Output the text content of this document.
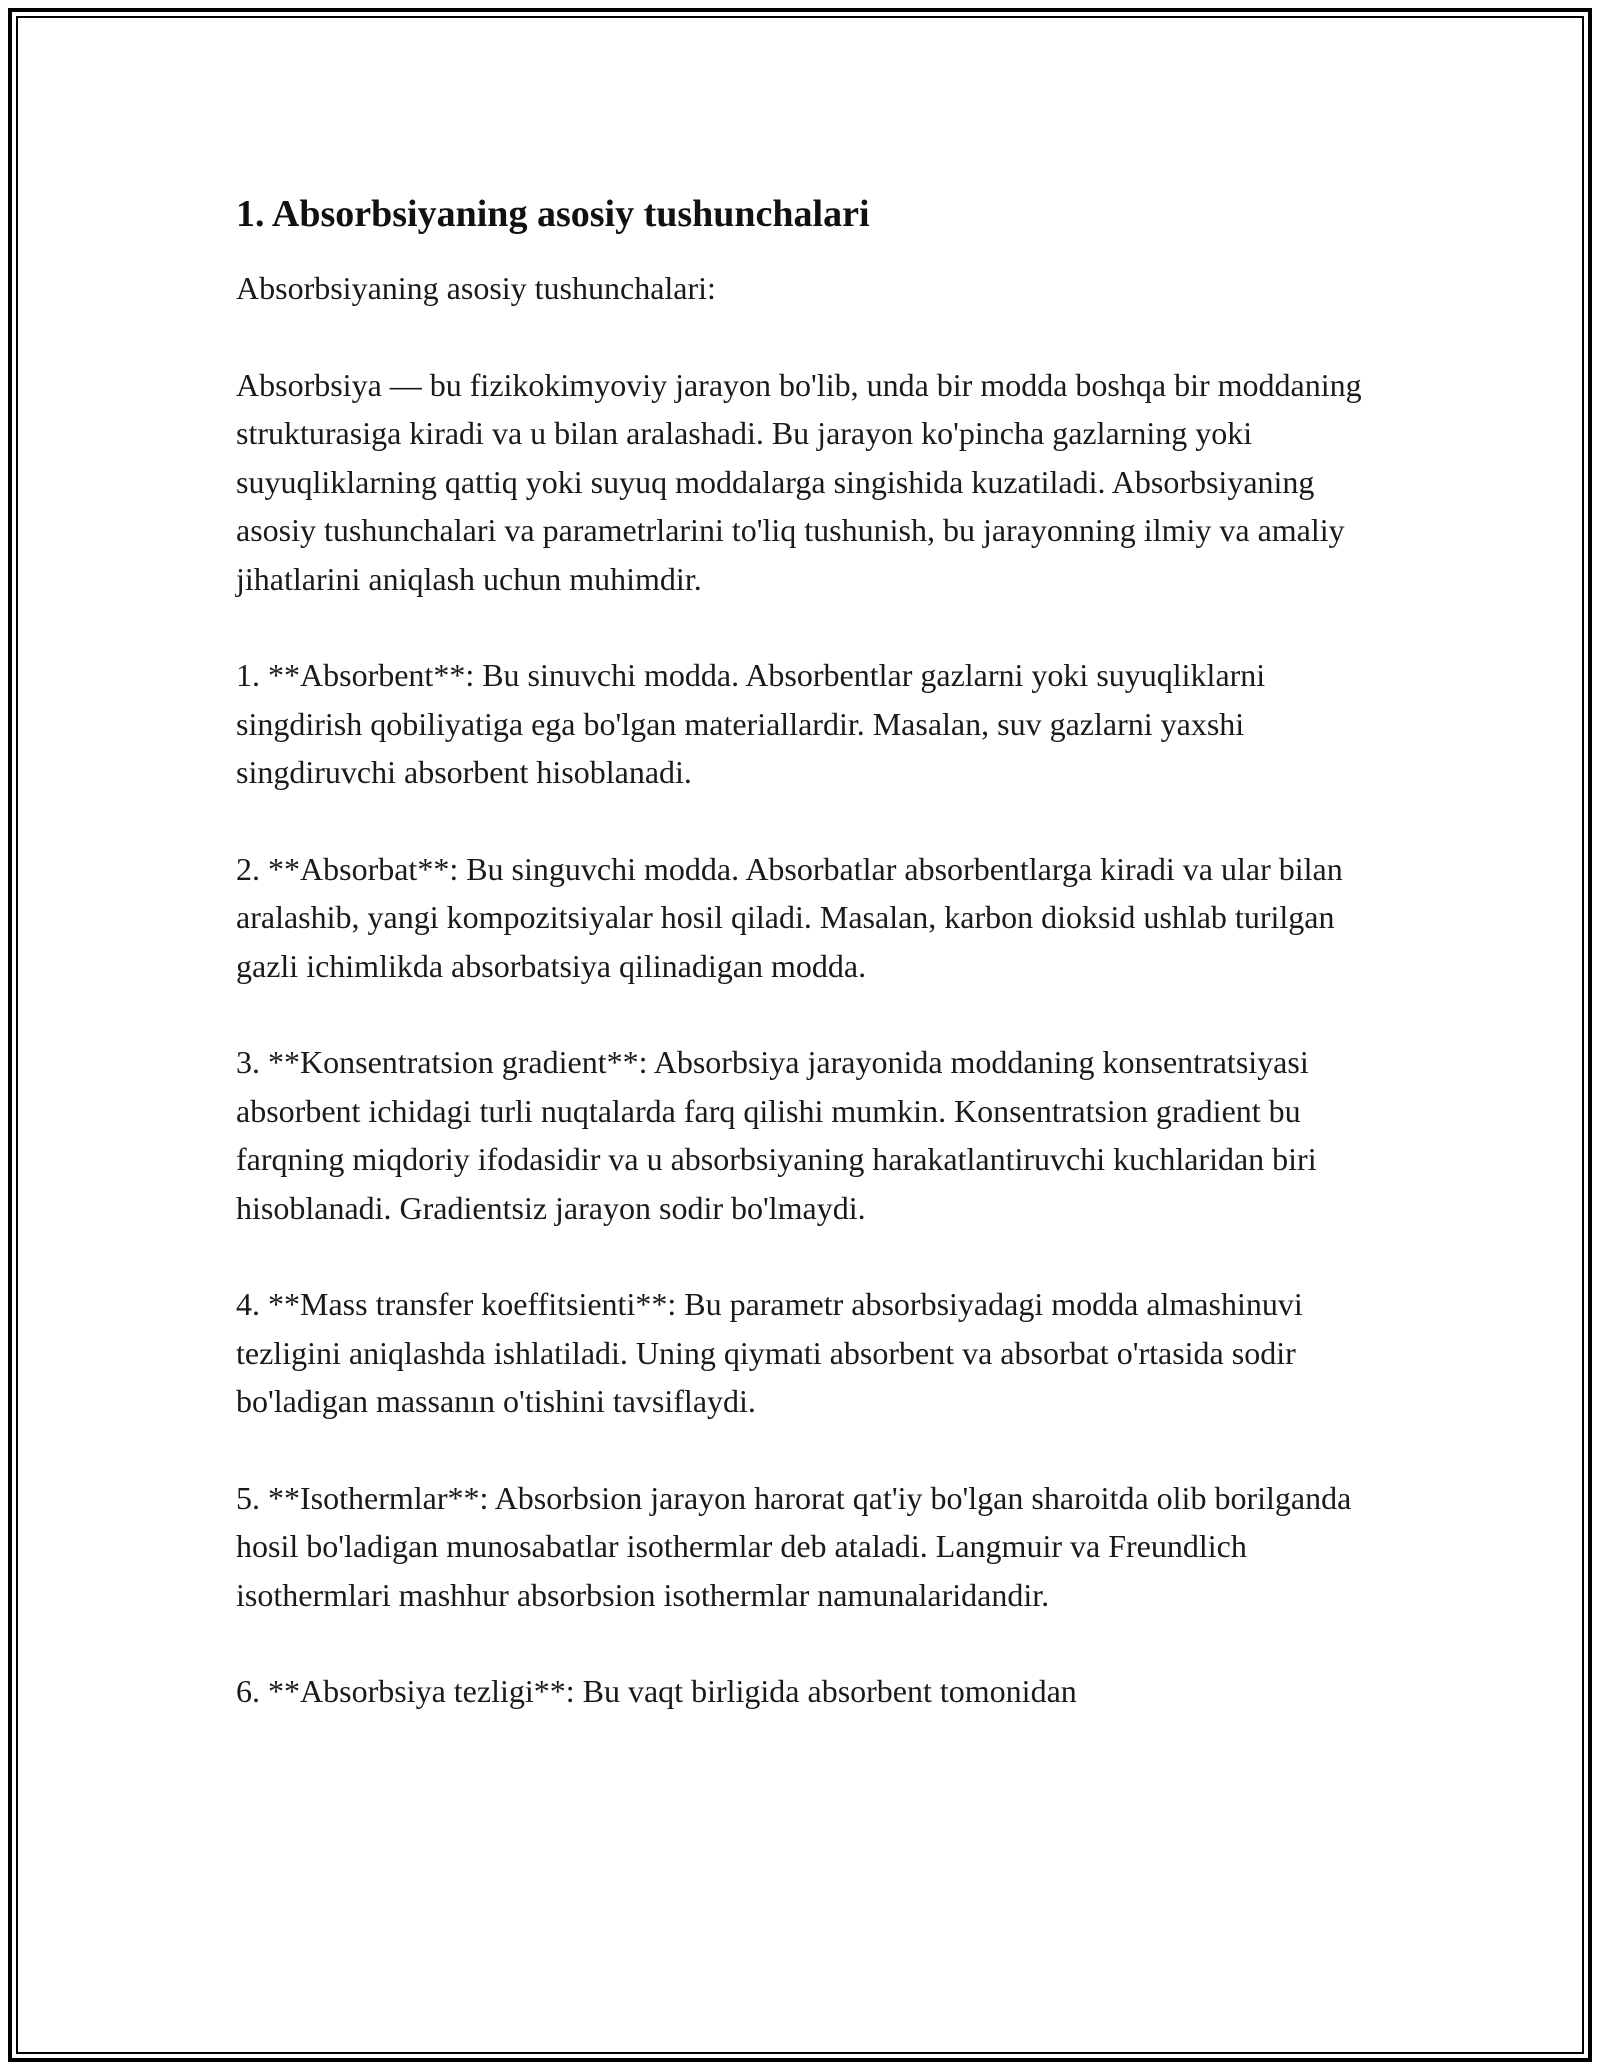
1. Absorbsiyaning asosiy tushunchalari

Absorbsiyaning asosiy tushunchalari:

Absorbsiya — bu fizikokimyoviy jarayon bo'lib, unda bir modda boshqa bir moddaning strukturasiga kiradi va u bilan aralashadi. Bu jarayon ko'pincha gazlarning yoki suyuqliklarning qattiq yoki suyuq moddalarga singishida kuzatiladi. Absorbsiyaning asosiy tushunchalari va parametrlarini to'liq tushunish, bu jarayonning ilmiy va amaliy jihatlarini aniqlash uchun muhimdir.

1. **Absorbent**: Bu sinuvchi modda. Absorbentlar gazlarni yoki suyuqliklarni singdirish qobiliyatiga ega bo'lgan materiallardir. Masalan, suv gazlarni yaxshi singdiruvchi absorbent hisoblanadi.

2. **Absorbat**: Bu singuvchi modda. Absorbatlar absorbentlarga kiradi va ular bilan aralashib, yangi kompozitsiyalar hosil qiladi. Masalan, karbon dioksid ushlab turilgan gazli ichimlikda absorbatsiya qilinadigan modda.

3. **Konsentratsion gradient**: Absorbsiya jarayonida moddaning konsentratsiyasi absorbent ichidagi turli nuqtalarda farq qilishi mumkin. Konsentratsion gradient bu farqning miqdoriy ifodasidir va u absorbsiyaning harakatlantiruvchi kuchlaridan biri hisoblanadi. Gradientsiz jarayon sodir bo'lmaydi.

4. **Mass transfer koeffitsienti**: Bu parametr absorbsiyadagi modda almashinuvi tezligini aniqlashda ishlatiladi. Uning qiymati absorbent va absorbat o'rtasida sodir bo'ladigan massanın o'tishini tavsiflaydi.

5. **Isothermlar**: Absorbsion jarayon harorat qat'iy bo'lgan sharoitda olib borilganda hosil bo'ladigan munosabatlar isothermlar deb ataladi. Langmuir va Freundlich isothermlari mashhur absorbsion isothermlar namunalaridandir.

6. **Absorbsiya tezligi**: Bu vaqt birligida absorbent tomonidan
